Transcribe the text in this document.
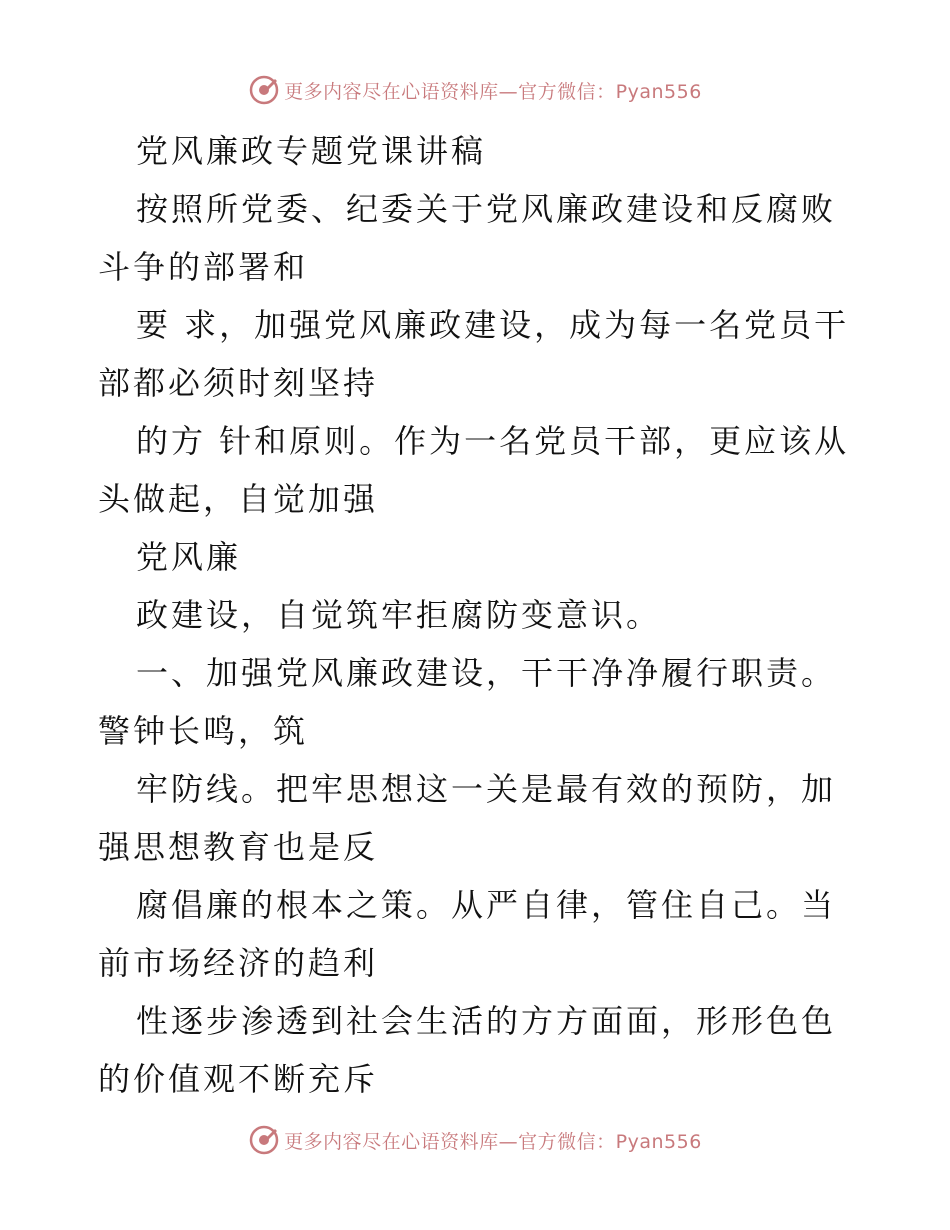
更多内容尽在心语资料库—官方微信：Pyan556

党风廉政专题党课讲稿

按照所党委、纪委关于党风廉政建设和反腐败斗争的部署和

要 求，加强党风廉政建设，成为每一名党员干部都必须时刻坚持

的方 针和原则。作为一名党员干部，更应该从头做起，自觉加强

党风廉

政建设，自觉筑牢拒腐防变意识。

一、加强党风廉政建设，干干净净履行职责。警钟长鸣，筑

牢防线。把牢思想这一关是最有效的预防，加强思想教育也是反

腐倡廉的根本之策。从严自律，管住自己。当前市场经济的趋利

性逐步渗透到社会生活的方方面面，形形色色的价值观不断充斥

更多内容尽在心语资料库—官方微信：Pyan556
